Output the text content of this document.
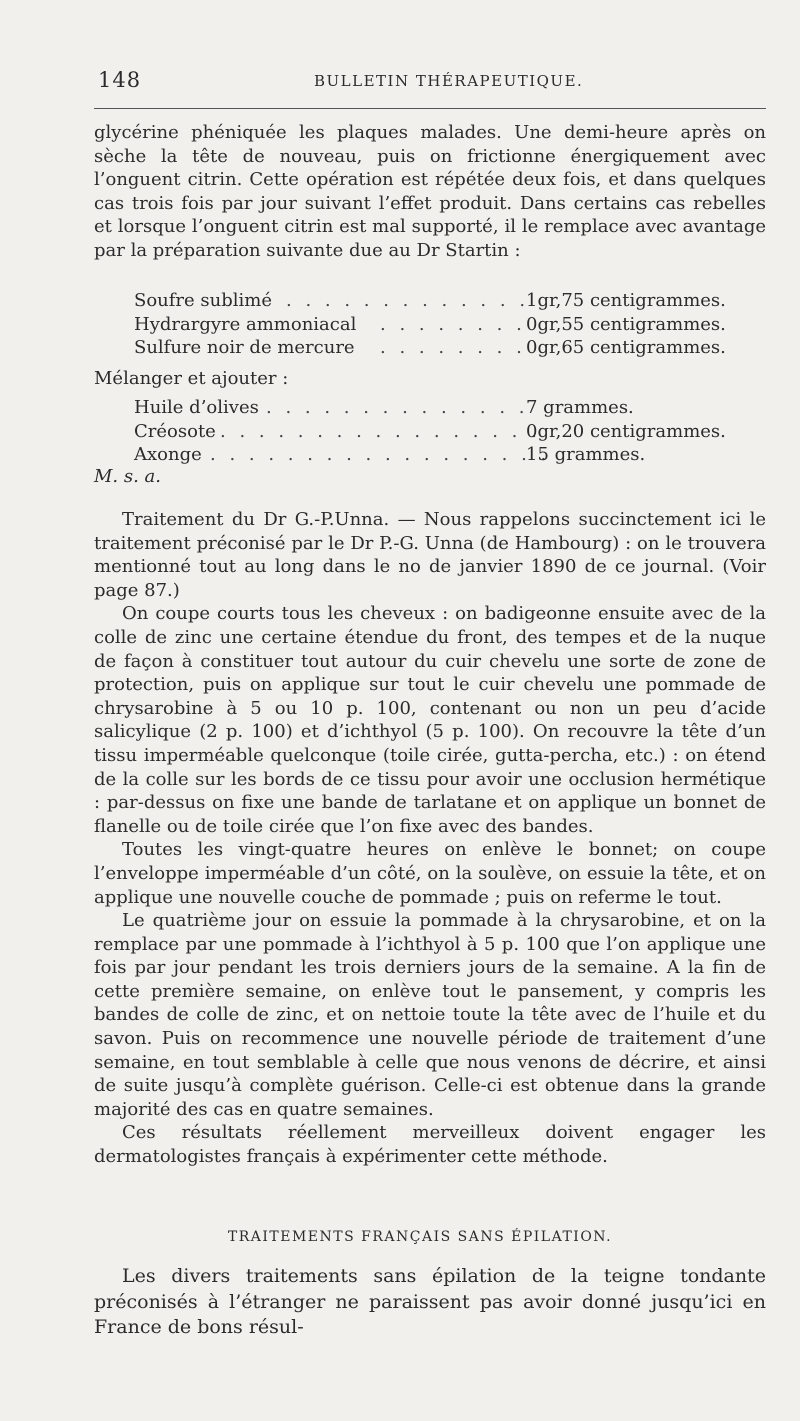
148	BULLETIN THÉRAPEUTIQUE.

glycérine phéniquée les plaques malades. Une demi-heure après on sèche la tête de nouveau, puis on frictionne énergiquement avec l’onguent citrin. Cette opération est répétée deux fois, et dans quelques cas trois fois par jour suivant l’effet produit. Dans certains cas rebelles et lorsque l’onguent citrin est mal supporté, il le remplace avec avantage par la préparation suivante due au Dr Startin :

Soufre sublimé . . . . . . . . . . . . .
1gr,75 centigrammes.
Hydrargyre ammoniacal . . . . . . . . 0gr,55 centigrammes.
Sulfure noir de mercure . . . . . . . . 0gr,65 centigrammes.
Mélanger et ajouter :
Huile d’olives . . . . . . . . . . . . . .
7 grammes.
Créosote . . . . . . . . . . . . . . . . .
0gr,20 centigrammes.
Axonge . . . . . . . . . . . . . . . . . .
15 grammes.
M. s. a.

Traitement du Dr G.-P.Unna. — Nous rappelons succinctement ici le traitement préconisé par le Dr P.-G. Unna (de Hambourg) : on le trouvera mentionné tout au long dans le no de janvier 1890 de ce journal. (Voir page 87.)

On coupe courts tous les cheveux : on badigeonne ensuite avec de la colle de zinc une certaine étendue du front, des tempes et de la nuque de façon à constituer tout autour du cuir chevelu une sorte de zone de protection, puis on applique sur tout le cuir chevelu une pommade de chrysarobine à 5 ou 10 p. 100, contenant ou non un peu d’acide salicylique (2 p. 100) et d’ichthyol (5 p. 100). On recouvre la tête d’un tissu imperméable quelconque (toile cirée, gutta-percha, etc.) : on étend de la colle sur les bords de ce tissu pour avoir une occlusion hermétique : par-dessus on fixe une bande de tarlatane et on applique un bonnet de flanelle ou de toile cirée que l’on fixe avec des bandes.

Toutes les vingt-quatre heures on enlève le bonnet; on coupe l’enveloppe imperméable d’un côté, on la soulève, on essuie la tête, et on applique une nouvelle couche de pommade ; puis on referme le tout.

Le quatrième jour on essuie la pommade à la chrysarobine, et on la remplace par une pommade à l’ichthyol à 5 p. 100 que l’on applique une fois par jour pendant les trois derniers jours de la semaine. A la fin de cette première semaine, on enlève tout le pansement, y compris les bandes de colle de zinc, et on nettoie toute la tête avec de l’huile et du savon. Puis on recommence une nouvelle période de traitement d’une semaine, en tout semblable à celle que nous venons de décrire, et ainsi de suite jusqu’à complète guérison. Celle-ci est obtenue dans la grande majorité des cas en quatre semaines.

Ces résultats réellement merveilleux doivent engager les dermatologistes français à expérimenter cette méthode.

TRAITEMENTS FRANÇAIS SANS ÉPILATION.

Les divers traitements sans épilation de la teigne tondante préconisés à l’étranger ne paraissent pas avoir donné jusqu’ici en France de bons résul-
